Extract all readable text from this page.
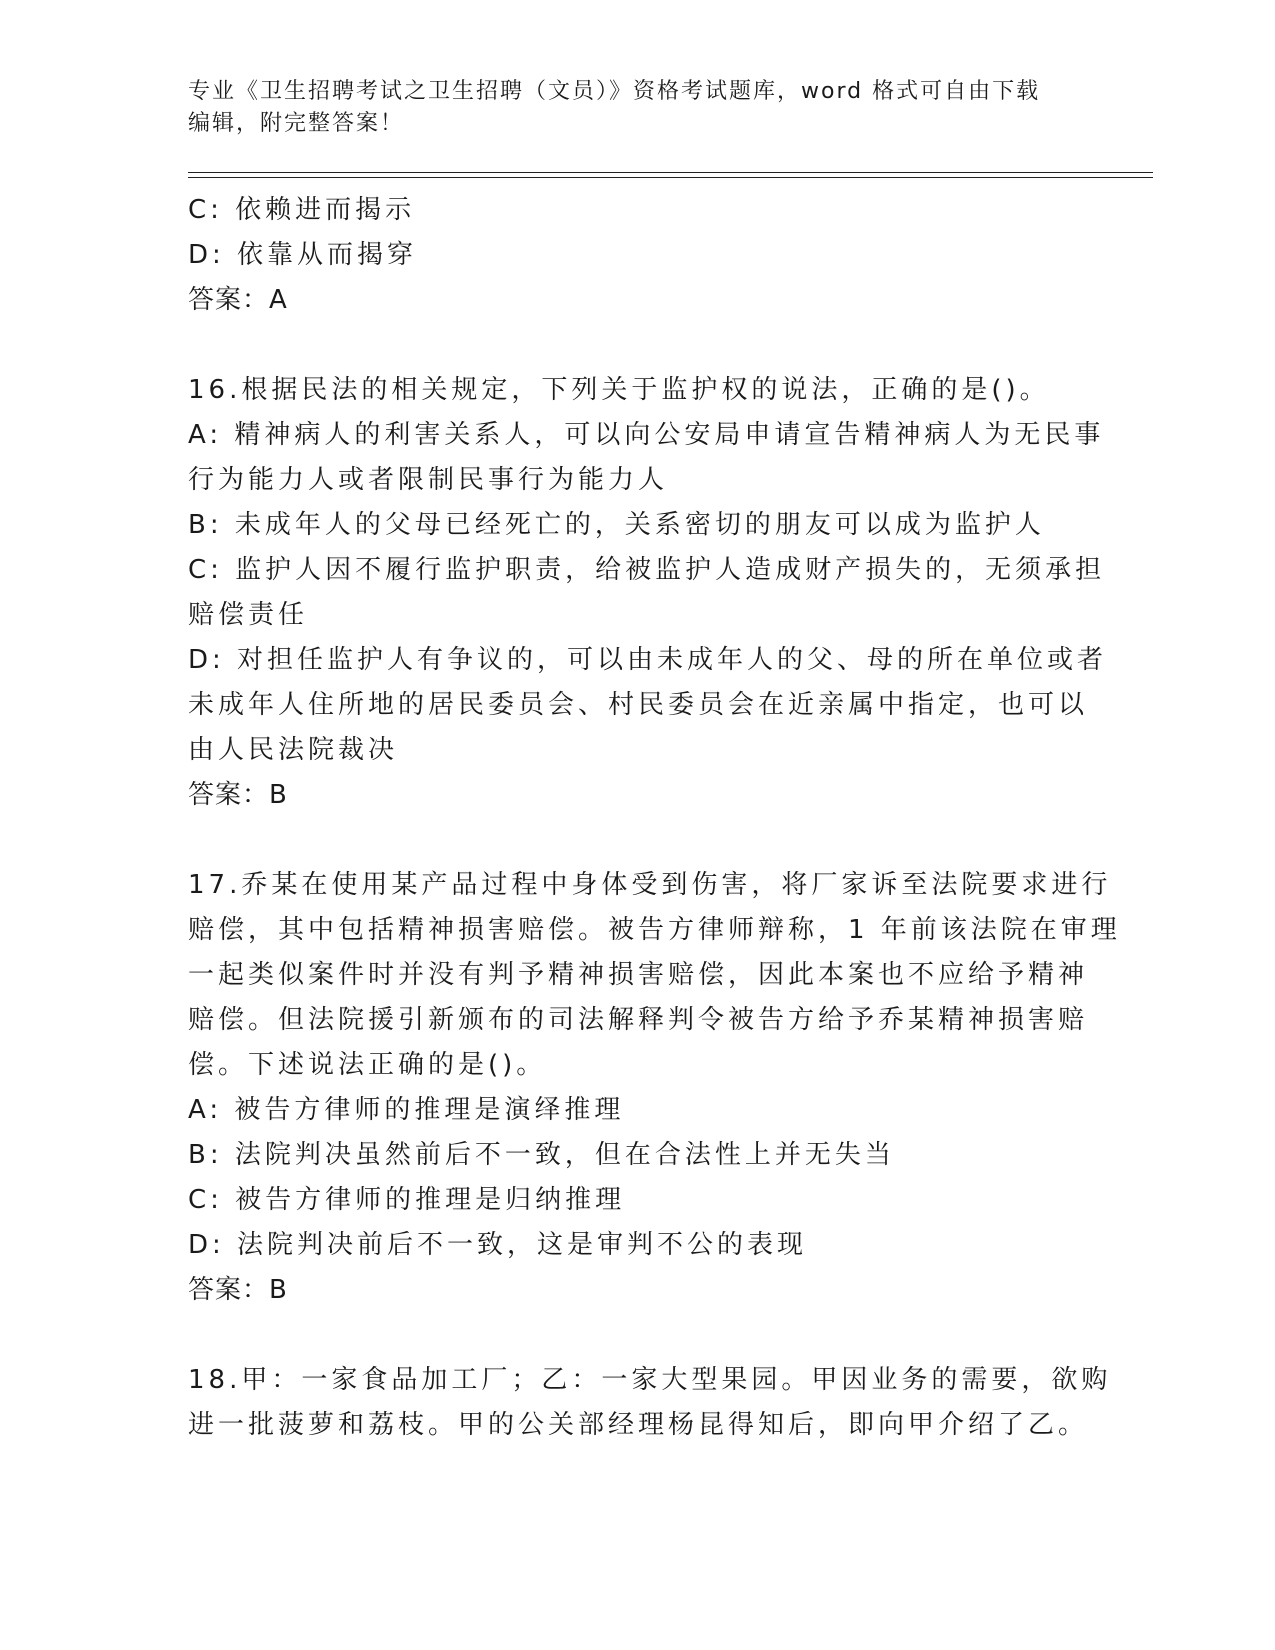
专业《卫生招聘考试之卫生招聘（文员）》资格考试题库，word 格式可自由下载
编辑，附完整答案！

C: 依赖进而揭示

D: 依靠从而揭穿

答案：A

16.根据民法的相关规定，下列关于监护权的说法，正确的是()。

A: 精神病人的利害关系人，可以向公安局申请宣告精神病人为无民事

行为能力人或者限制民事行为能力人

B: 未成年人的父母已经死亡的，关系密切的朋友可以成为监护人

C: 监护人因不履行监护职责，给被监护人造成财产损失的，无须承担

赔偿责任

D: 对担任监护人有争议的，可以由未成年人的父、母的所在单位或者

未成年人住所地的居民委员会、村民委员会在近亲属中指定，也可以

由人民法院裁决

答案：B

17.乔某在使用某产品过程中身体受到伤害，将厂家诉至法院要求进行

赔偿，其中包括精神损害赔偿。被告方律师辩称，1 年前该法院在审理

一起类似案件时并没有判予精神损害赔偿，因此本案也不应给予精神

赔偿。但法院援引新颁布的司法解释判令被告方给予乔某精神损害赔

偿。下述说法正确的是()。

A: 被告方律师的推理是演绎推理

B: 法院判决虽然前后不一致，但在合法性上并无失当

C: 被告方律师的推理是归纳推理

D: 法院判决前后不一致，这是审判不公的表现

答案：B

18.甲：一家食品加工厂；乙：一家大型果园。甲因业务的需要，欲购

进一批菠萝和荔枝。甲的公关部经理杨昆得知后，即向甲介绍了乙。
